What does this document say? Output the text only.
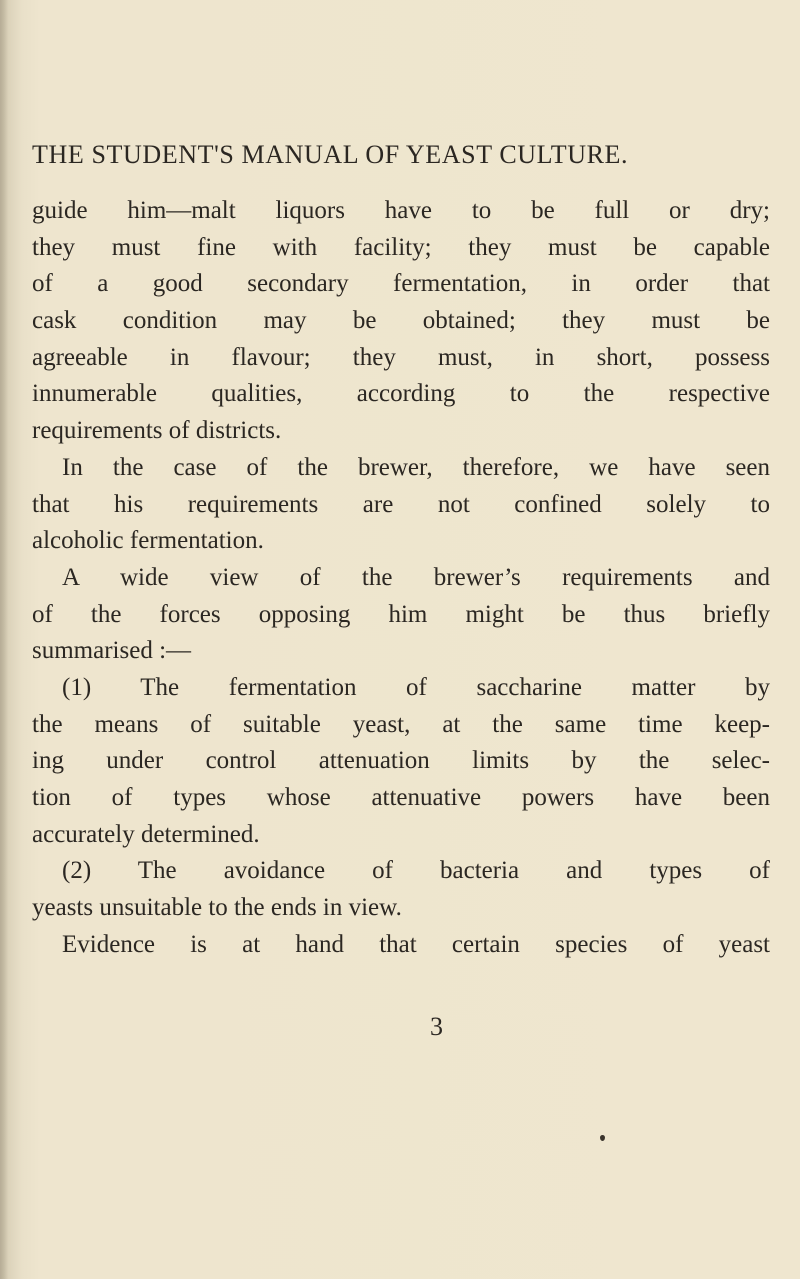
THE STUDENT'S MANUAL OF YEAST CULTURE.
guide him—malt liquors have to be full or dry;
they must fine with facility; they must be capable
of a good secondary fermentation, in order that
cask condition may be obtained; they must be
agreeable in flavour; they must, in short, possess
innumerable qualities, according to the respective
requirements of districts.
In the case of the brewer, therefore, we have seen
that his requirements are not confined solely to
alcoholic fermentation.
A wide view of the brewer’s requirements and
of the forces opposing him might be thus briefly
summarised :—
(1) The fermentation of saccharine matter by
the means of suitable yeast, at the same time keep-
ing under control attenuation limits by the selec-
tion of types whose attenuative powers have been
accurately determined.
(2) The avoidance of bacteria and types of
yeasts unsuitable to the ends in view.
Evidence is at hand that certain species of yeast
3
